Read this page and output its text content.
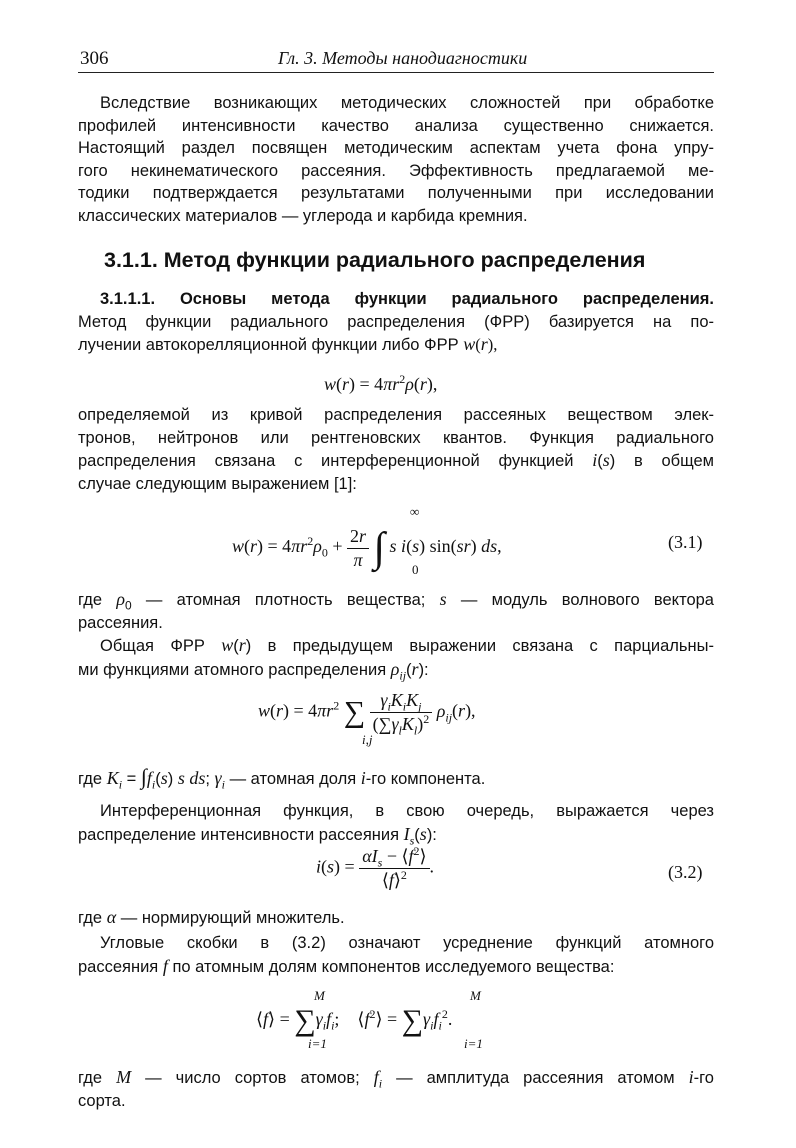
306	Гл. 3. Методы нанодиагностики
Вследствие возникающих методических сложностей при обработке
профилей интенсивности качество анализа существенно снижается.
Настоящий раздел посвящен методическим аспектам учета фона упру-
гого некинематического рассеяния. Эффективность предлагаемой ме-
тодики подтверждается результатами полученными при исследовании
классических материалов — углерода и карбида кремния.
3.1.1. Метод функции радиального распределения
3.1.1.1. Основы метода функции радиального распределения.
Метод функции радиального распределения (ФРР) базируется на по-
лучении автокорелляционной функции либо ФРР w(r),
$w(r) = 4\pi r^2\rho(r)$,
определяемой из кривой распределения рассеяных веществом элек-
тронов, нейтронов или рентгеновских квантов. Функция радиального
распределения связана с интерференционной функцией i(s) в общем
случае следующим выражением [1]:
$w(r) = 4\pi r^2\rho_0 + \frac{2r}{\pi}$ ∫ s i(s) sin(sr) ds,
∞
0
(3.1)
где $\rho_0$ — атомная плотность вещества; s — модуль волнового вектора
рассеяния.
Общая ФРР w(r) в предыдущем выражении связана с парциальны-
ми функциями атомного распределения $\rho_{ij}(r)$:
$w(r) = 4\pi r^2$ ∑ $\frac{\gamma_iK_iK_j}{(\sum\gamma_lK_l)^2} \rho_{ij}(r)$,
i,j
где $K_i = \int f_i(s)$ s ds; $\gamma_i$ — атомная доля i-го компонента.
Интерференционная функция, в свою очередь, выражается через
распределение интенсивности рассеяния $I_s(s)$:
$i(s) = \frac{\alpha I_s - ⟨f^2⟩}{⟨f⟩^2}$ .	(3.2)
где α — нормирующий множитель.
Угловые скобки в (3.2) означают усреднение функций атомного
рассеяния f по атомным долям компонентов исследуемого вещества:
⟨f⟩ = $\sum\gamma_if_i$;    $⟨f^2⟩ = \sum\gamma_if_i^2$.
M
i=1
M
i=1
где M — число сортов атомов; $f_i$ — амплитуда рассеяния атомом i-го
сорта.
